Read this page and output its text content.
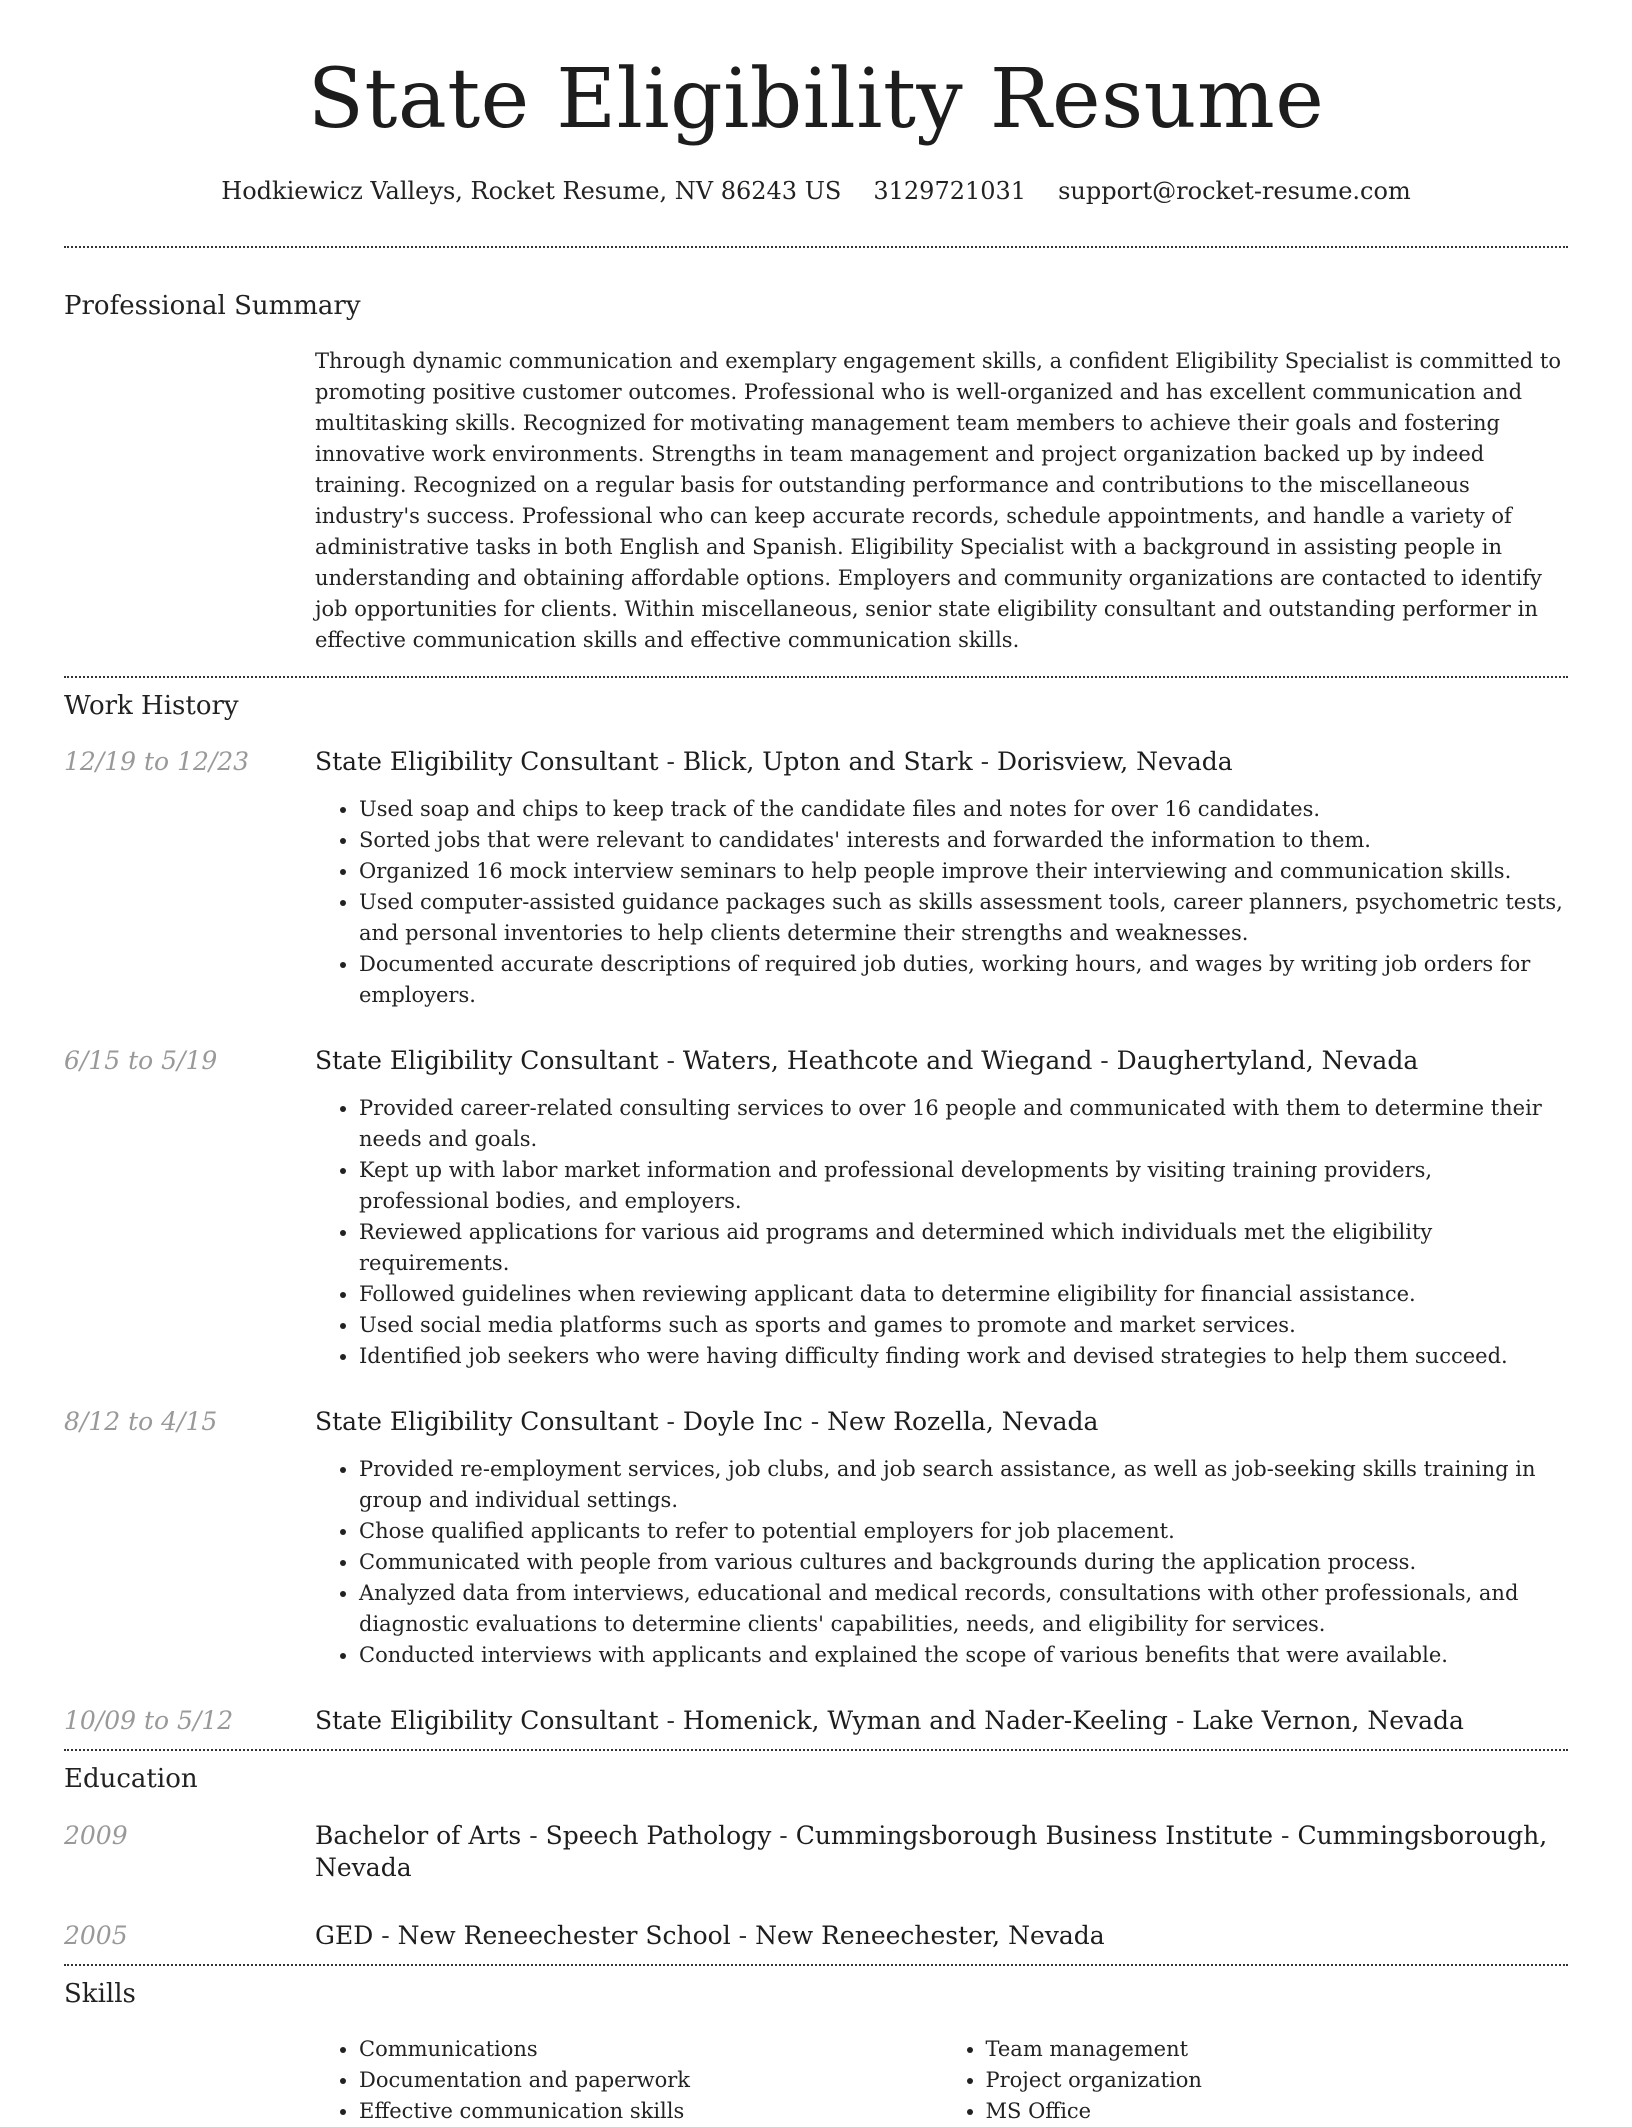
State Eligibility Resume
Hodkiewicz Valleys, Rocket Resume, NV 86243 US 3129721031 support@rocket-resume.com
Professional Summary

Through dynamic communication and exemplary engagement skills, a confident Eligibility Specialist is committed to promoting positive customer outcomes. Professional who is well-organized and has excellent communication and multitasking skills. Recognized for motivating management team members to achieve their goals and fostering innovative work environments. Strengths in team management and project organization backed up by indeed training. Recognized on a regular basis for outstanding performance and contributions to the miscellaneous industry's success. Professional who can keep accurate records, schedule appointments, and handle a variety of administrative tasks in both English and Spanish. Eligibility Specialist with a background in assisting people in understanding and obtaining affordable options. Employers and community organizations are contacted to identify job opportunities for clients. Within miscellaneous, senior state eligibility consultant and outstanding performer in effective communication skills and effective communication skills.

Work History
12/19 to 12/23	State Eligibility Consultant - Blick, Upton and Stark - Dorisview, Nevada
• Used soap and chips to keep track of the candidate files and notes for over 16 candidates.
• Sorted jobs that were relevant to candidates' interests and forwarded the information to them.
• Organized 16 mock interview seminars to help people improve their interviewing and communication skills.
• Used computer-assisted guidance packages such as skills assessment tools, career planners, psychometric tests, and personal inventories to help clients determine their strengths and weaknesses.
• Documented accurate descriptions of required job duties, working hours, and wages by writing job orders for employers.
6/15 to 5/19	State Eligibility Consultant - Waters, Heathcote and Wiegand - Daughertyland, Nevada
• Provided career-related consulting services to over 16 people and communicated with them to determine their needs and goals.
• Kept up with labor market information and professional developments by visiting training providers, professional bodies, and employers.
• Reviewed applications for various aid programs and determined which individuals met the eligibility requirements.
• Followed guidelines when reviewing applicant data to determine eligibility for financial assistance.
• Used social media platforms such as sports and games to promote and market services.
• Identified job seekers who were having difficulty finding work and devised strategies to help them succeed.
8/12 to 4/15	State Eligibility Consultant - Doyle Inc - New Rozella, Nevada
• Provided re-employment services, job clubs, and job search assistance, as well as job-seeking skills training in group and individual settings.
• Chose qualified applicants to refer to potential employers for job placement.
• Communicated with people from various cultures and backgrounds during the application process.
• Analyzed data from interviews, educational and medical records, consultations with other professionals, and diagnostic evaluations to determine clients' capabilities, needs, and eligibility for services.
• Conducted interviews with applicants and explained the scope of various benefits that were available.
10/09 to 5/12	State Eligibility Consultant - Homenick, Wyman and Nader-Keeling - Lake Vernon, Nevada
Education
2009	Bachelor of Arts - Speech Pathology - Cummingsborough Business Institute - Cummingsborough, Nevada
2005	GED - New Reneechester School - New Reneechester, Nevada
Skills
• Communications
• Documentation and paperwork
• Effective communication skills
• Team management
• Project organization
• MS Office
